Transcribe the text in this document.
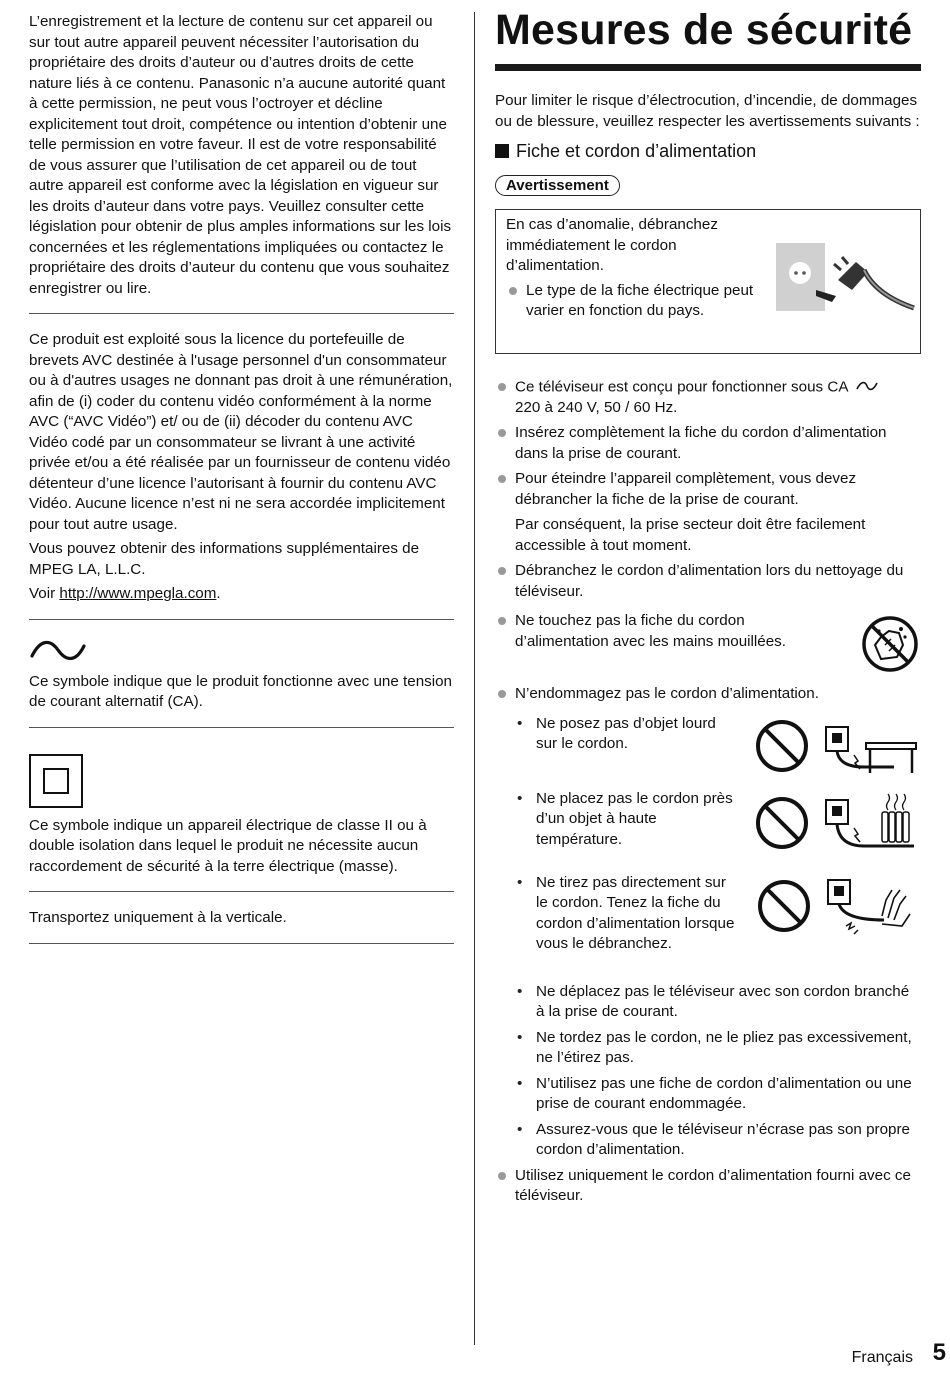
L’enregistrement et la lecture de contenu sur cet appareil ou sur tout autre appareil peuvent nécessiter l’autorisation du propriétaire des droits d’auteur ou d’autres droits de cette nature liés à ce contenu. Panasonic n’a aucune autorité quant à cette permission, ne peut vous l’octroyer et décline explicitement tout droit, compétence ou intention d’obtenir une telle permission en votre faveur. Il est de votre responsabilité de vous assurer que l’utilisation de cet appareil ou de tout autre appareil est conforme avec la législation en vigueur sur les droits d’auteur dans votre pays. Veuillez consulter cette législation pour obtenir de plus amples informations sur les lois concernées et les réglementations impliquées ou contactez le propriétaire des droits d’auteur du contenu que vous souhaitez enregistrer ou lire.

Ce produit est exploité sous la licence du portefeuille de brevets AVC destinée à l'usage personnel d'un consommateur ou à d'autres usages ne donnant pas droit à une rémunération, afin de (i) coder du contenu vidéo conformément à la norme AVC (“AVC Vidéo”) et/ ou de (ii) décoder du contenu AVC Vidéo codé par un consommateur se livrant à une activité privée et/ou a été réalisée par un fournisseur de contenu vidéo détenteur d’une licence l’autorisant à fournir du contenu AVC Vidéo. Aucune licence n’est ni ne sera accordée implicitement pour tout autre usage.

Vous pouvez obtenir des informations supplémentaires de MPEG LA, L.L.C.

Voir http://www.mpegla.com.

Ce symbole indique que le produit fonctionne avec une tension de courant alternatif (CA).

Ce symbole indique un appareil électrique de classe II ou à double isolation dans lequel le produit ne nécessite aucun raccordement de sécurité à la terre électrique (masse).

Transportez uniquement à la verticale.

Mesures de sécurité

Pour limiter le risque d’électrocution, d’incendie, de dommages ou de blessure, veuillez respecter les avertissements suivants :

Fiche et cordon d’alimentation
Avertissement

En cas d’anomalie, débranchez immédiatement le cordon d’alimentation.

Le type de la fiche électrique peut varier en fonction du pays.
Ce téléviseur est conçu pour fonctionner sous CA
220 à 240 V, 50 / 60 Hz.
Insérez complètement la fiche du cordon d’alimentation dans la prise de courant.
Pour éteindre l’appareil complètement, vous devez débrancher la fiche de la prise de courant.

Par conséquent, la prise secteur doit être facilement accessible à tout moment.

Débranchez le cordon d’alimentation lors du nettoyage du téléviseur.
Ne touchez pas la fiche du cordon d’alimentation avec les mains mouillées.
N’endommagez pas le cordon d’alimentation.
• Ne posez pas d’objet lourd sur le cordon.
• Ne placez pas le cordon près d’un objet à haute température.
• Ne tirez pas directement sur le cordon. Tenez la fiche du cordon d’alimentation lorsque vous le débranchez.
• Ne déplacez pas le téléviseur avec son cordon branché à la prise de courant.
• Ne tordez pas le cordon, ne le pliez pas excessivement, ne l’étirez pas.
• N’utilisez pas une fiche de cordon d’alimentation ou une prise de courant endommagée.
• Assurez-vous que le téléviseur n’écrase pas son propre cordon d’alimentation.
Utilisez uniquement le cordon d’alimentation fourni avec ce téléviseur.
Français 5
